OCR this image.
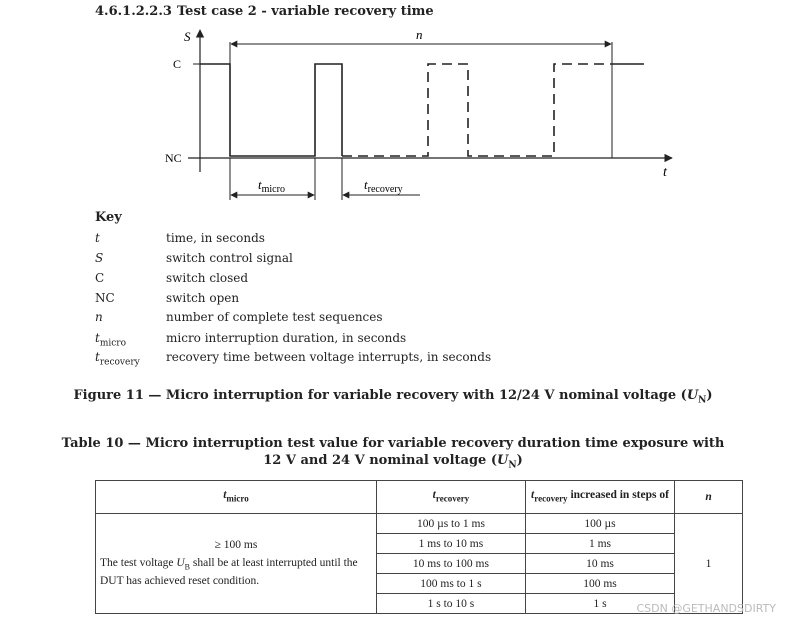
4.6.1.2.2.3 Test case 2 - variable recovery time
S
t
C
NC
n
$t_{micro}$	$t_{recovery}$
Key
t	time, in seconds
S	switch control signal
C	switch closed
NC	switch open
n	number of complete test sequences
$t_{micro}$	micro interruption duration, in seconds
$t_{recovery}$	recovery time between voltage interrupts, in seconds
Figure 11 — Micro interruption for variable recovery with 12/24 V nominal voltage $(U_N)$
Table 10 — Micro interruption test value for variable recovery duration time exposure with
12 V and 24 V nominal voltage $(U_N)$
$t_{micro}$	$t_{recovery}$	$t_{recovery}$ increased in steps of	n

≥ 100 ms
The test voltage $U_B$ shall be at least interrupted until the DUT has achieved reset condition.	100 µs to 1 ms	100 µs	1
	1 ms to 10 ms	1 ms	
	10 ms to 100 ms	10 ms	
	100 ms to 1 s	100 ms	
	1 s to 10 s	1 s		CSDN @GETHANDSDIRTY
